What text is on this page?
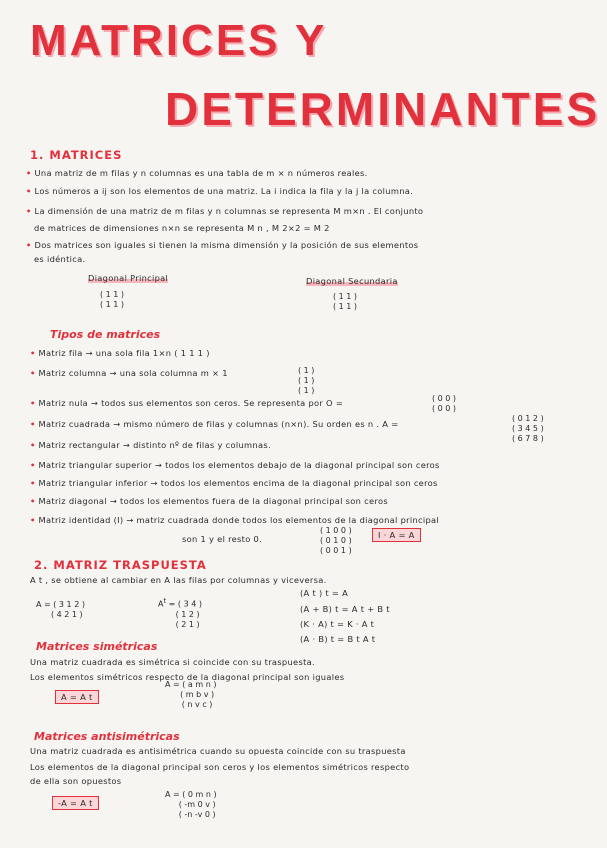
MATRICES Y
DETERMINANTES
1. MATRICES
• Una matriz de m filas y n columnas es una tabla de m × n números reales.
• Los números a ij son los elementos de una matriz. La i indica la fila y la j la columna.
• La dimensión de una matriz de m filas y n columnas se representa M m×n . El conjunto
de matrices de dimensiones n×n se representa M n , M 2×2 = M 2
• Dos matrices son iguales si tienen la misma dimensión y la posición de sus elementos
es idéntica.
Diagonal Principal
( 1 1 )
( 1 1 )
Diagonal Secundaria
( 1 1 )
( 1 1 )
Tipos de matrices
• Matriz fila → una sola fila 1×n ( 1 1 1 )
• Matriz columna → una sola columna m × 1	( 1 )
( 1 )
( 1 )
• Matriz nula → todos sus elementos son ceros. Se representa por O =	( 0 0 )
( 0 0 )
• Matriz cuadrada → mismo número de filas y columnas (n×n). Su orden es n . A =
( 0 1 2 )
( 3 4 5 )
( 6 7 8 )
• Matriz rectangular → distinto nº de filas y columnas.
• Matriz triangular superior → todos los elementos debajo de la diagonal principal son ceros
• Matriz triangular inferior → todos los elementos encima de la diagonal principal son ceros
• Matriz diagonal → todos los elementos fuera de la diagonal principal son ceros
• Matriz identidad (I) → matriz cuadrada donde todos los elementos de la diagonal principal
son 1 y el resto 0.
( 1 0 0 )
( 0 1 0 )
( 0 0 1 )
I · A = A
2. MATRIZ TRASPUESTA
A t , se obtiene al cambiar en A las filas por columnas y viceversa.
A = ( 3 1 2 )
( 4 2 1 )
$A^t$ = ( 3 4 )
( 1 2 )
( 2 1 )
(A t ) t = A
(A + B) t = A t + B t
(K · A) t = K · A t
(A · B) t = B t A t
Matrices simétricas
Una matriz cuadrada es simétrica si coincide con su traspuesta.
Los elementos simétricos respecto de la diagonal principal son iguales
A = A t
A = ( a m n )
( m b v )
( n v c )
Matrices antisimétricas
Una matriz cuadrada es antisimétrica cuando su opuesta coincide con su traspuesta
Los elementos de la diagonal principal son ceros y los elementos simétricos respecto
de ella son opuestos
-A = A t
A = ( 0 m n )
( -m 0 v )
( -n -v 0 )
